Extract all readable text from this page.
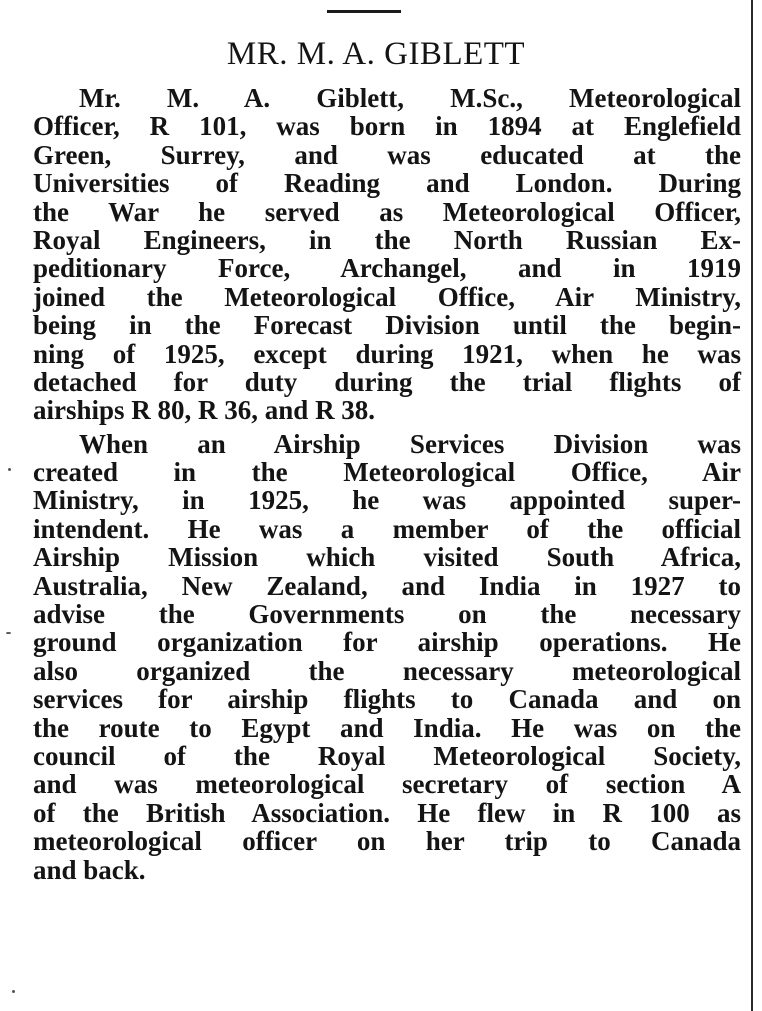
MR. M. A. GIBLETT
Mr. M. A. Giblett, M.Sc., Meteorological
Officer, R 101, was born in 1894 at Englefield
Green, Surrey, and was educated at the
Universities of Reading and London. During
the War he served as Meteorological Officer,
Royal Engineers, in the North Russian Ex-
peditionary Force, Archangel, and in 1919
joined the Meteorological Office, Air Ministry,
being in the Forecast Division until the begin-
ning of 1925, except during 1921, when he was
detached for duty during the trial flights of
airships R 80, R 36, and R 38.
When an Airship Services Division was
created in the Meteorological Office, Air
Ministry, in 1925, he was appointed super-
intendent. He was a member of the official
Airship Mission which visited South Africa,
Australia, New Zealand, and India in 1927 to
advise the Governments on the necessary
ground organization for airship operations. He
also organized the necessary meteorological
services for airship flights to Canada and on
the route to Egypt and India. He was on the
council of the Royal Meteorological Society,
and was meteorological secretary of section A
of the British Association. He flew in R 100 as
meteorological officer on her trip to Canada
and back.
